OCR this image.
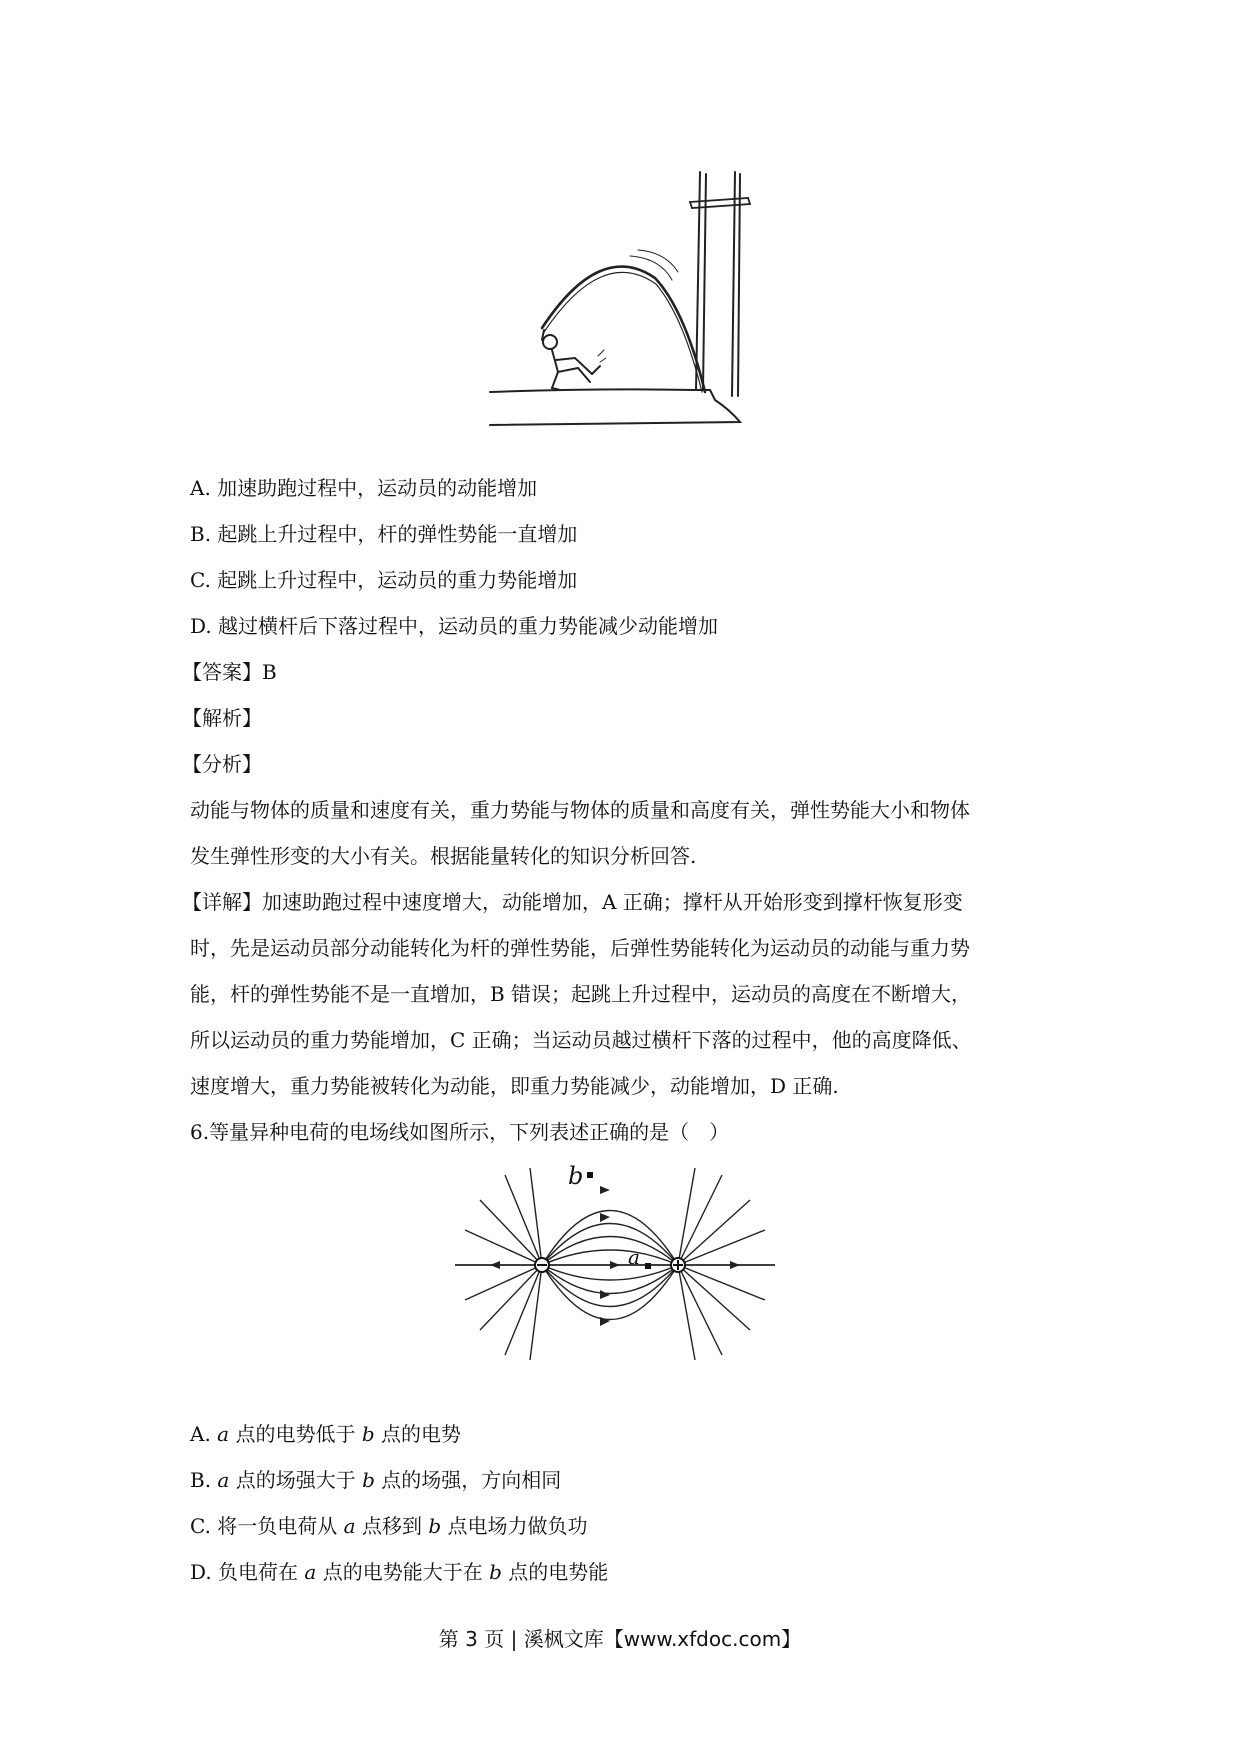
A. 加速助跑过程中，运动员的动能增加
B. 起跳上升过程中，杆的弹性势能一直增加
C. 起跳上升过程中，运动员的重力势能增加
D. 越过横杆后下落过程中，运动员的重力势能减少动能增加
【答案】B
【解析】
【分析】
动能与物体的质量和速度有关，重力势能与物体的质量和高度有关，弹性势能大小和物体
发生弹性形变的大小有关。根据能量转化的知识分析回答.
【详解】加速助跑过程中速度增大，动能增加，A 正确；撑杆从开始形变到撑杆恢复形变
时，先是运动员部分动能转化为杆的弹性势能，后弹性势能转化为运动员的动能与重力势
能，杆的弹性势能不是一直增加，B 错误；起跳上升过程中，运动员的高度在不断增大，
所以运动员的重力势能增加，C 正确；当运动员越过横杆下落的过程中，他的高度降低、
速度增大，重力势能被转化为动能，即重力势能减少，动能增加，D 正确.
6.等量异种电荷的电场线如图所示，下列表述正确的是（　）
b
a
A. a 点的电势低于 b 点的电势
B. a 点的场强大于 b 点的场强，方向相同
C. 将一负电荷从 a 点移到 b 点电场力做负功
D. 负电荷在 a 点的电势能大于在 b 点的电势能
第 3 页 | 溪枫文库【www.xfdoc.com】
